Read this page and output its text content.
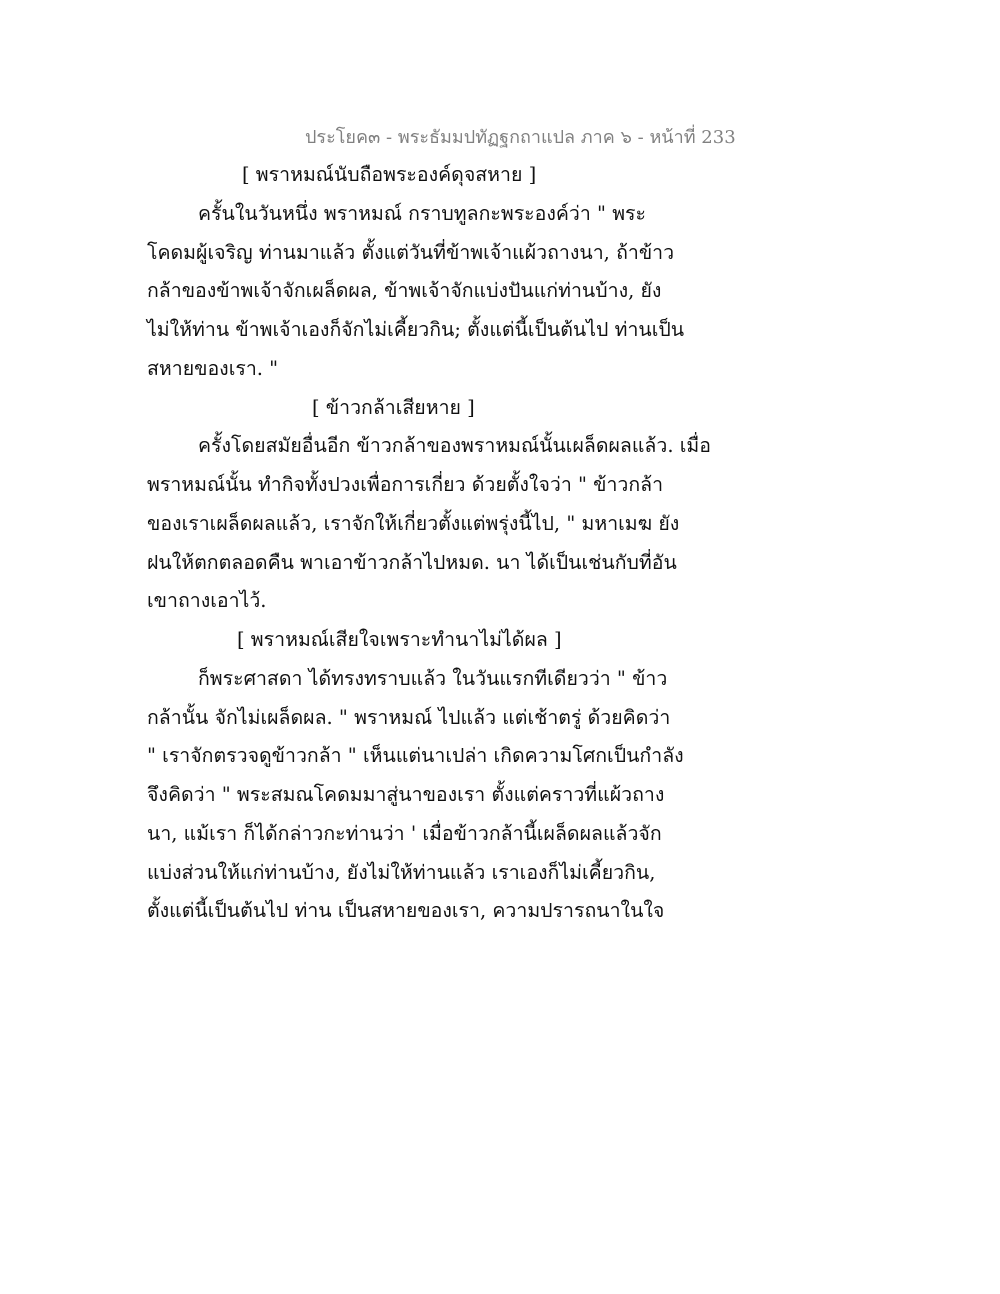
ประโยค๓ - พระธัมมปทัฏฐกถาแปล ภาค ๖ - หน้าที่ 233
[ พราหมณ์นับถือพระองค์ดุจสหาย ]
ครั้นในวันหนึ่ง พราหมณ์ กราบทูลกะพระองค์ว่า " พระ
โคดมผู้เจริญ ท่านมาแล้ว ตั้งแต่วันที่ข้าพเจ้าแผ้วถางนา, ถ้าข้าว
กล้าของข้าพเจ้าจักเผล็ดผล, ข้าพเจ้าจักแบ่งปันแก่ท่านบ้าง, ยัง
ไม่ให้ท่าน ข้าพเจ้าเองก็จักไม่เคี้ยวกิน; ตั้งแต่นี้เป็นต้นไป ท่านเป็น
สหายของเรา. "
[ ข้าวกล้าเสียหาย ]
ครั้งโดยสมัยอื่นอีก ข้าวกล้าของพราหมณ์นั้นเผล็ดผลแล้ว. เมื่อ
พราหมณ์นั้น ทำกิจทั้งปวงเพื่อการเกี่ยว ด้วยตั้งใจว่า " ข้าวกล้า
ของเราเผล็ดผลแล้ว, เราจักให้เกี่ยวตั้งแต่พรุ่งนี้ไป, " มหาเมฆ ยัง
ฝนให้ตกตลอดคืน พาเอาข้าวกล้าไปหมด. นา ได้เป็นเช่นกับที่อัน
เขาถางเอาไว้.
[ พราหมณ์เสียใจเพราะทำนาไม่ได้ผล ]
ก็พระศาสดา ได้ทรงทราบแล้ว ในวันแรกทีเดียวว่า " ข้าว
กล้านั้น จักไม่เผล็ดผล. " พราหมณ์ ไปแล้ว แต่เช้าตรู่ ด้วยคิดว่า
" เราจักตรวจดูข้าวกล้า " เห็นแต่นาเปล่า เกิดความโศกเป็นกำลัง
จึงคิดว่า " พระสมณโคดมมาสู่นาของเรา ตั้งแต่คราวที่แผ้วถาง
นา, แม้เรา ก็ได้กล่าวกะท่านว่า ' เมื่อข้าวกล้านี้เผล็ดผลแล้วจัก
แบ่งส่วนให้แก่ท่านบ้าง, ยังไม่ให้ท่านแล้ว เราเองก็ไม่เคี้ยวกิน,
ตั้งแต่นี้เป็นต้นไป ท่าน เป็นสหายของเรา, ความปรารถนาในใจ
